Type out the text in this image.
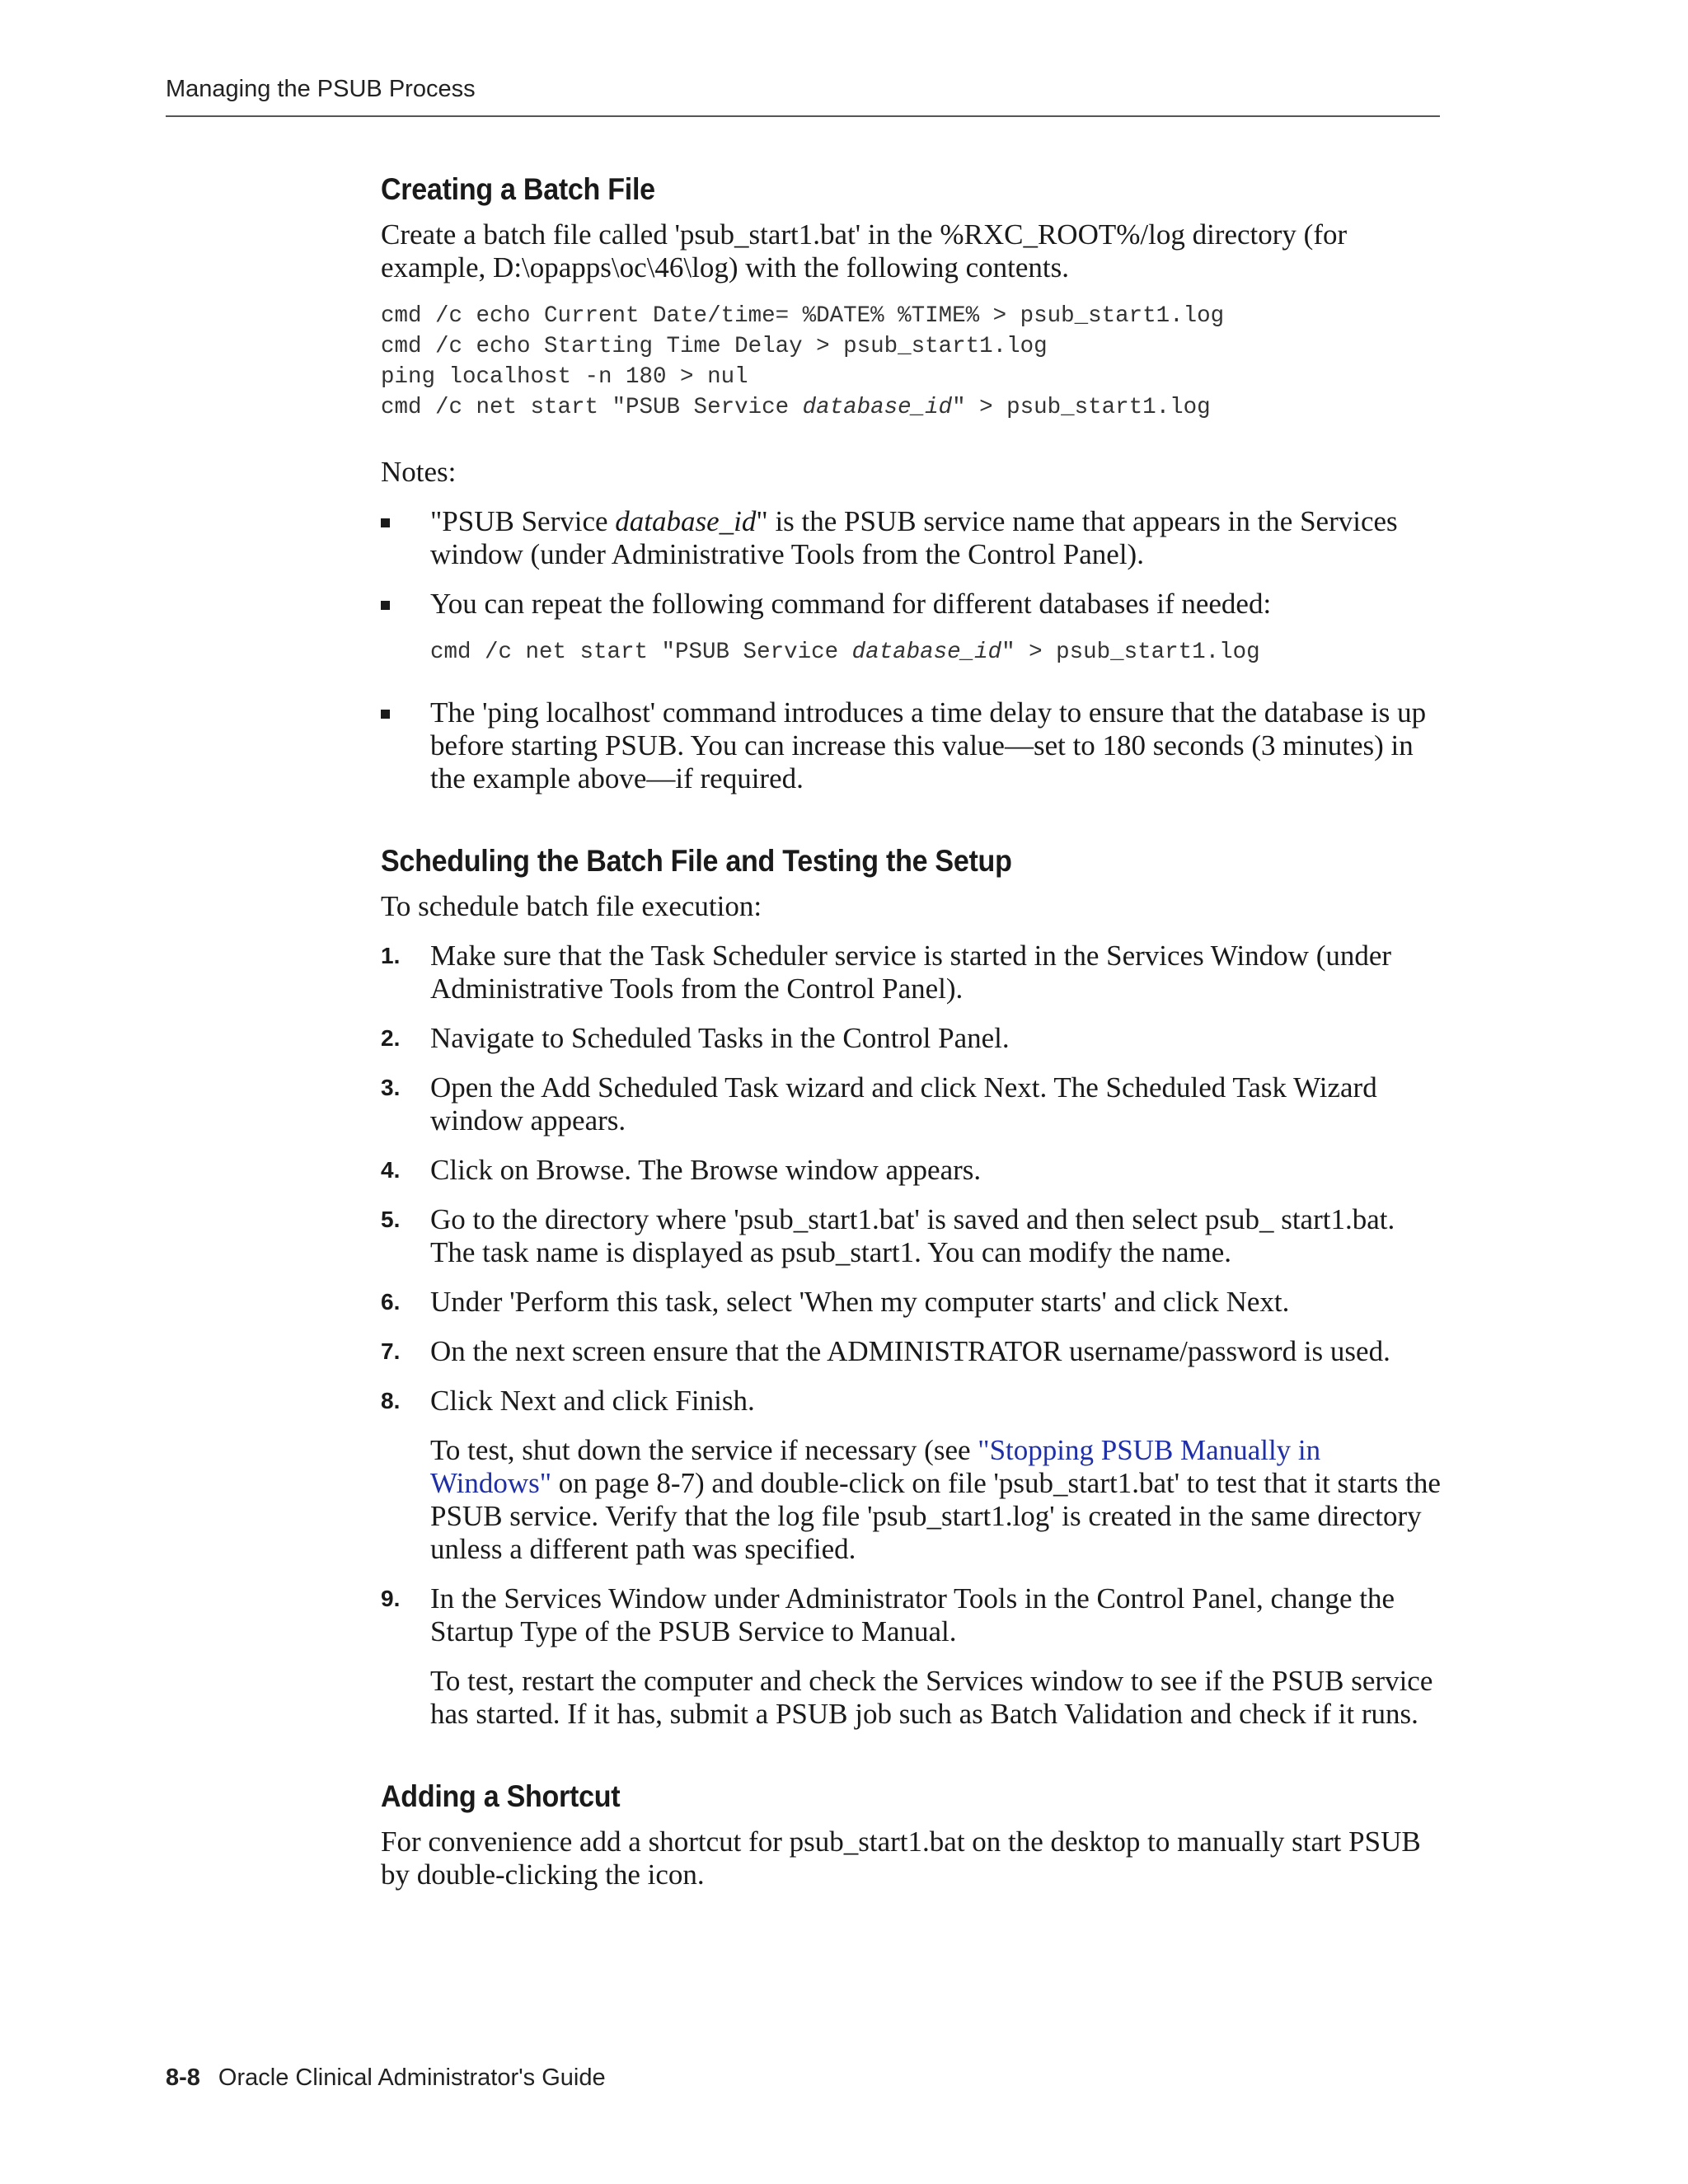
Managing the PSUB Process
Creating a Batch File

Create a batch file called 'psub_start1.bat' in the %RXC_ROOT%/log directory (for example, D:\opapps\oc\46\log) with the following contents.

cmd /c echo Current Date/time= %DATE% %TIME% > psub_start1.log
cmd /c echo Starting Time Delay > psub_start1.log
ping localhost -n 180 > nul
cmd /c net start "PSUB Service database_id" > psub_start1.log
Notes:
"PSUB Service database_id" is the PSUB service name that appears in the Services window (under Administrative Tools from the Control Panel).
You can repeat the following command for different databases if needed:
cmd /c net start "PSUB Service database_id" > psub_start1.log
The 'ping localhost' command introduces a time delay to ensure that the database is up before starting PSUB. You can increase this value—set to 180 seconds (3 minutes) in the example above—if required.
Scheduling the Batch File and Testing the Setup

To schedule batch file execution:

1. Make sure that the Task Scheduler service is started in the Services Window (under Administrative Tools from the Control Panel).
2. Navigate to Scheduled Tasks in the Control Panel.
3. Open the Add Scheduled Task wizard and click Next. The Scheduled Task Wizard window appears.
4. Click on Browse. The Browse window appears.
5. Go to the directory where 'psub_start1.bat' is saved and then select psub_ start1.bat. The task name is displayed as psub_start1. You can modify the name.
6. Under 'Perform this task, select 'When my computer starts' and click Next.
7. On the next screen ensure that the ADMINISTRATOR username/password is used.
8. Click Next and click Finish.
To test, shut down the service if necessary (see "Stopping PSUB Manually in Windows" on page 8-7) and double-click on file 'psub_start1.bat' to test that it starts the PSUB service. Verify that the log file 'psub_start1.log' is created in the same directory unless a different path was specified.
9. In the Services Window under Administrator Tools in the Control Panel, change the Startup Type of the PSUB Service to Manual.
To test, restart the computer and check the Services window to see if the PSUB service has started. If it has, submit a PSUB job such as Batch Validation and check if it runs.
Adding a Shortcut

For convenience add a shortcut for psub_start1.bat on the desktop to manually start PSUB by double-clicking the icon.

8-8 Oracle Clinical Administrator's Guide
